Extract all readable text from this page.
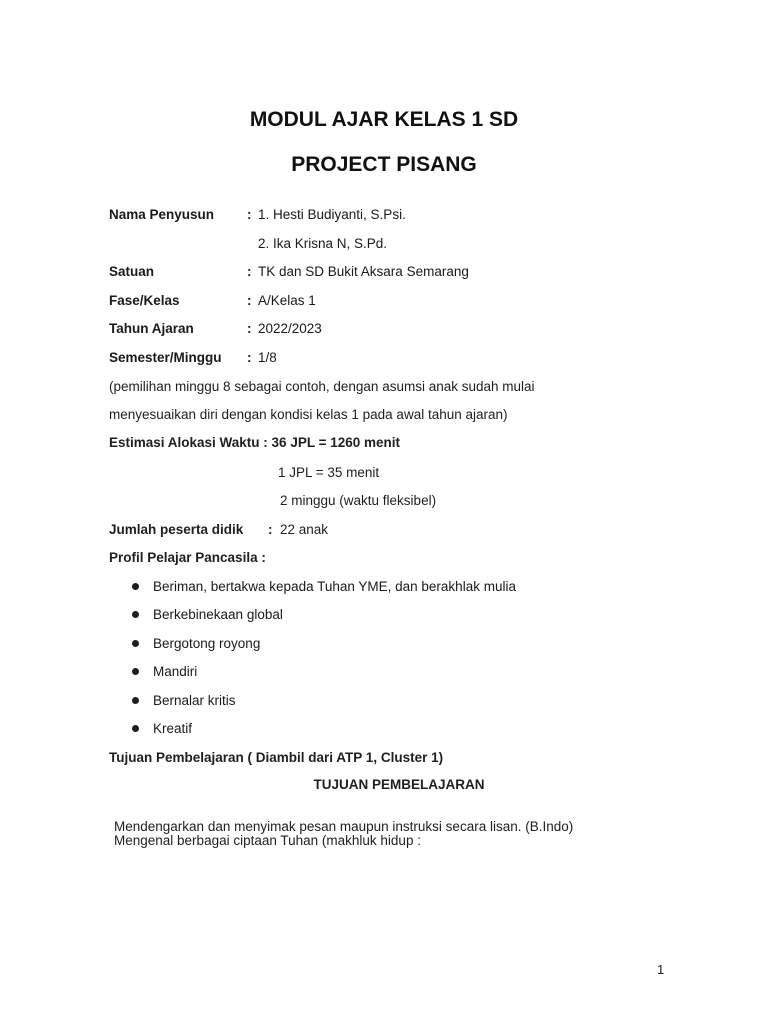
MODUL AJAR KELAS 1 SD
PROJECT PISANG
Nama Penyusun : 1. Hesti Budiyanti, S.Psi.
2. Ika Krisna N, S.Pd.
Satuan	: TK dan SD Bukit Aksara Semarang
Fase/Kelas	: A/Kelas 1
Tahun Ajaran	: 2022/2023
Semester/Minggu : 1/8
(pemilihan minggu 8 sebagai contoh, dengan asumsi anak sudah mulai
menyesuaikan diri dengan kondisi kelas 1 pada awal tahun ajaran)
Estimasi Alokasi Waktu : 36 JPL = 1260 menit
1 JPL = 35 menit
2 minggu (waktu fleksibel)
Jumlah peserta didik : 22 anak
Profil Pelajar Pancasila :
Beriman, bertakwa kepada Tuhan YME, dan berakhlak mulia
Berkebinekaan global
Bergotong royong
Mandiri
Bernalar kritis
Kreatif
Tujuan Pembelajaran ( Diambil dari ATP 1, Cluster 1)
TUJUAN PEMBELAJARAN
Mendengarkan dan menyimak pesan maupun instruksi secara lisan. (B.Indo)
Mengenal berbagai ciptaan Tuhan (makhluk hidup :
1
